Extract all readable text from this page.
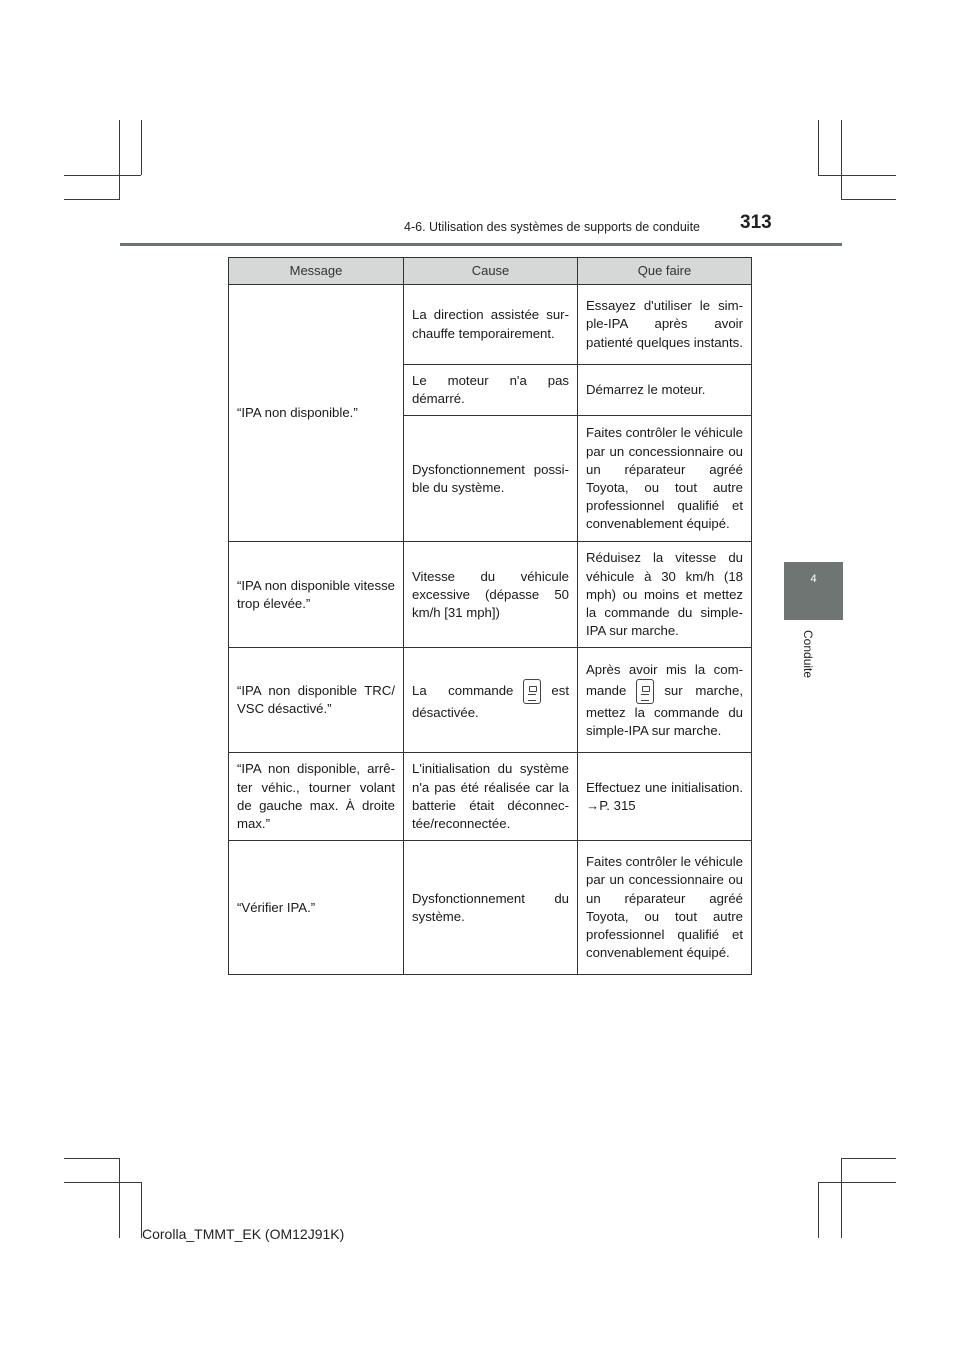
4-6. Utilisation des systèmes de supports de conduite 313
4
Conduite
Message	Cause	Que faire
“IPA non disponible.”	La direction assistée surchauffe temporairement.	Essayez d'utiliser le simple-IPA après avoir patienté quelques instants.
	Le moteur n'a pas démarré.	Démarrez le moteur.
	Dysfonctionnement possible du système.	Faites contrôler le véhicule par un concessionnaire ou un réparateur agréé Toyota, ou tout autre professionnel qualifié et convenablement équipé.
“IPA non disponible vitesse trop élevée.”	Vitesse du véhicule excessive (dépasse 50 km/h [31 mph])	Réduisez la vitesse du véhicule à 30 km/h (18 mph) ou moins et mettez la commande du simple-IPA sur marche.
“IPA non disponible TRC/ VSC désactivé.”	La commande est désactivée.	Après avoir mis la commande sur marche, mettez la commande du simple-IPA sur marche.
“IPA non disponible, arrêter véhic., tourner volant de gauche max. À droite max.”	L'initialisation du système n'a pas été réalisée car la batterie était déconnectée/reconnectée.	Effectuez une initialisation. →P. 315
“Vérifier IPA.”	Dysfonctionnement du système.	Faites contrôler le véhicule par un concessionnaire ou un réparateur agréé Toyota, ou tout autre professionnel qualifié et convenablement équipé.
Corolla_TMMT_EK (OM12J91K)
